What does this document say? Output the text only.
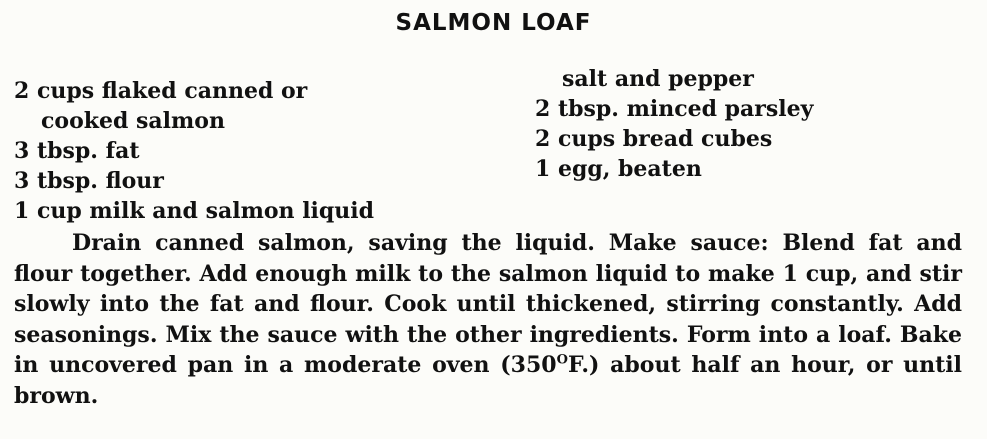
SALMON LOAF
2 cups flaked canned or
cooked salmon
3 tbsp. fat
3 tbsp. flour
1 cup milk and salmon liquid
salt and pepper
2 tbsp. minced parsley
2 cups bread cubes
1 egg, beaten

Drain canned salmon, saving the liquid. Make sauce: Blend fat and flour together. Add enough milk to the salmon liquid to make 1 cup, and stir slowly into the fat and flour. Cook until thickened, stirring constantly. Add seasonings. Mix the sauce with the other ingredients. Form into a loaf. Bake in uncovered pan in a moderate oven $(350^OF.)$ about half an hour, or until brown.
